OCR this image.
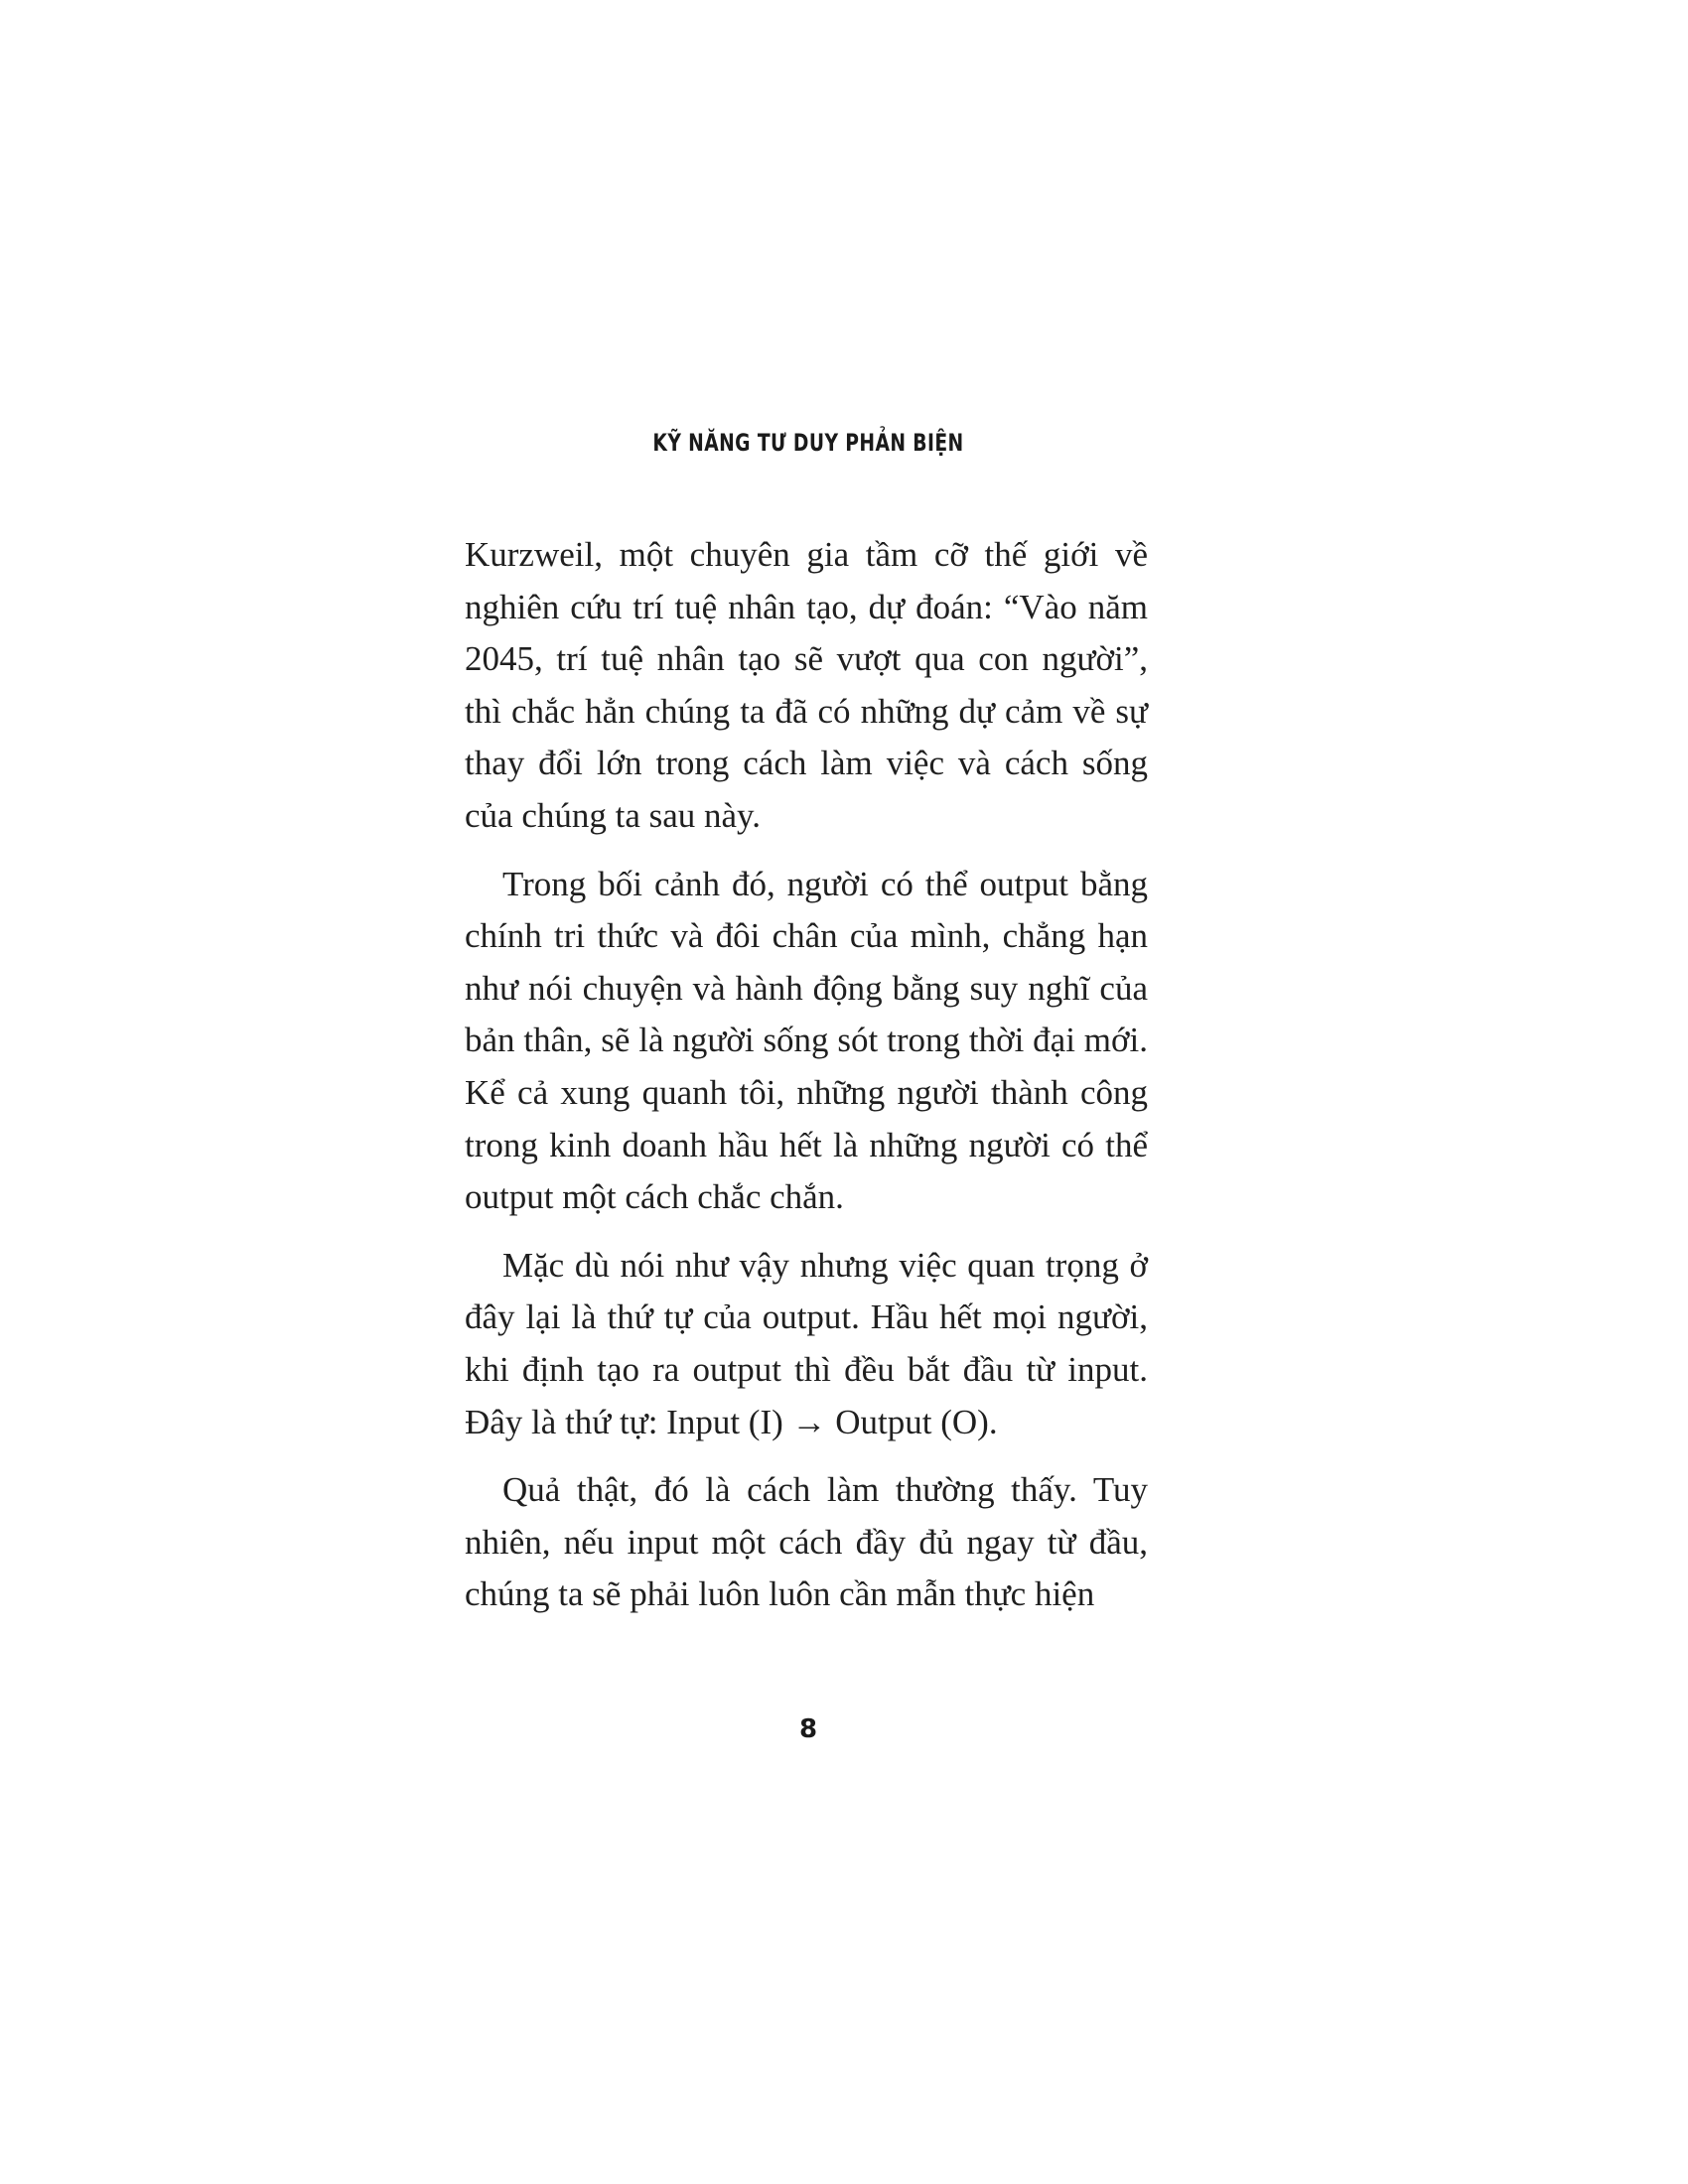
KỸ NĂNG TƯ DUY PHẢN BIỆN

Kurzweil, một chuyên gia tầm cỡ thế giới về nghiên cứu trí tuệ nhân tạo, dự đoán: “Vào năm 2045, trí tuệ nhân tạo sẽ vượt qua con người”, thì chắc hẳn chúng ta đã có những dự cảm về sự thay đổi lớn trong cách làm việc và cách sống của chúng ta sau này.

Trong bối cảnh đó, người có thể output bằng chính tri thức và đôi chân của mình, chẳng hạn như nói chuyện và hành động bằng suy nghĩ của bản thân, sẽ là người sống sót trong thời đại mới. Kể cả xung quanh tôi, những người thành công trong kinh doanh hầu hết là những người có thể output một cách chắc chắn.

Mặc dù nói như vậy nhưng việc quan trọng ở đây lại là thứ tự của output. Hầu hết mọi người, khi định tạo ra output thì đều bắt đầu từ input. Đây là thứ tự: Input (I) → Output (O).

Quả thật, đó là cách làm thường thấy. Tuy nhiên, nếu input một cách đầy đủ ngay từ đầu, chúng ta sẽ phải luôn luôn cần mẫn thực hiện

8
